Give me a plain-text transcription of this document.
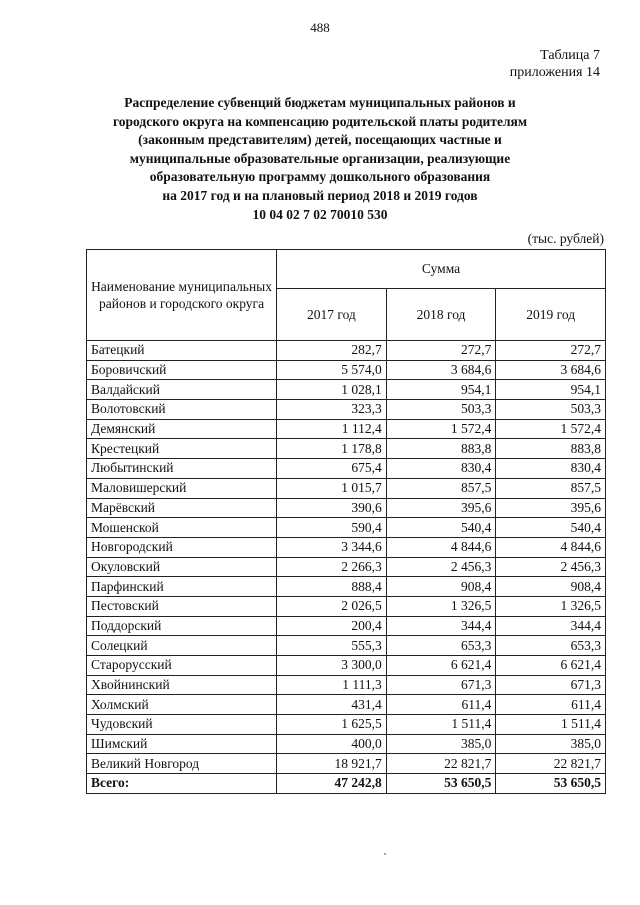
488
Таблица 7
приложения 14
Распределение субвенций бюджетам муниципальных районов и
городского округа на компенсацию родительской платы родителям
(законным представителям) детей, посещающих частные и
муниципальные образовательные организации, реализующие
образовательную программу дошкольного образования
на 2017 год и на плановый период 2018 и 2019 годов
10 04 02 7 02 70010 530
(тыс. рублей)
Наименование муниципальных районов и городского округа	Сумма		
	2017 год	2018 год	2019 год
Батецкий	282,7	272,7	272,7
Боровичский	5 574,0	3 684,6	3 684,6
Валдайский	1 028,1	954,1	954,1
Волотовский	323,3	503,3	503,3
Демянский	1 112,4	1 572,4	1 572,4
Крестецкий	1 178,8	883,8	883,8
Любытинский	675,4	830,4	830,4
Маловишерский	1 015,7	857,5	857,5
Марёвский	390,6	395,6	395,6
Мошенской	590,4	540,4	540,4
Новгородский	3 344,6	4 844,6	4 844,6
Окуловский	2 266,3	2 456,3	2 456,3
Парфинский	888,4	908,4	908,4
Пестовский	2 026,5	1 326,5	1 326,5
Поддорский	200,4	344,4	344,4
Солецкий	555,3	653,3	653,3
Старорусский	3 300,0	6 621,4	6 621,4
Хвойнинский	1 111,3	671,3	671,3
Холмский	431,4	611,4	611,4
Чудовский	1 625,5	1 511,4	1 511,4
Шимский	400,0	385,0	385,0
Великий Новгород	18 921,7	22 821,7	22 821,7
Всего:	47 242,8	53 650,5	53 650,5
